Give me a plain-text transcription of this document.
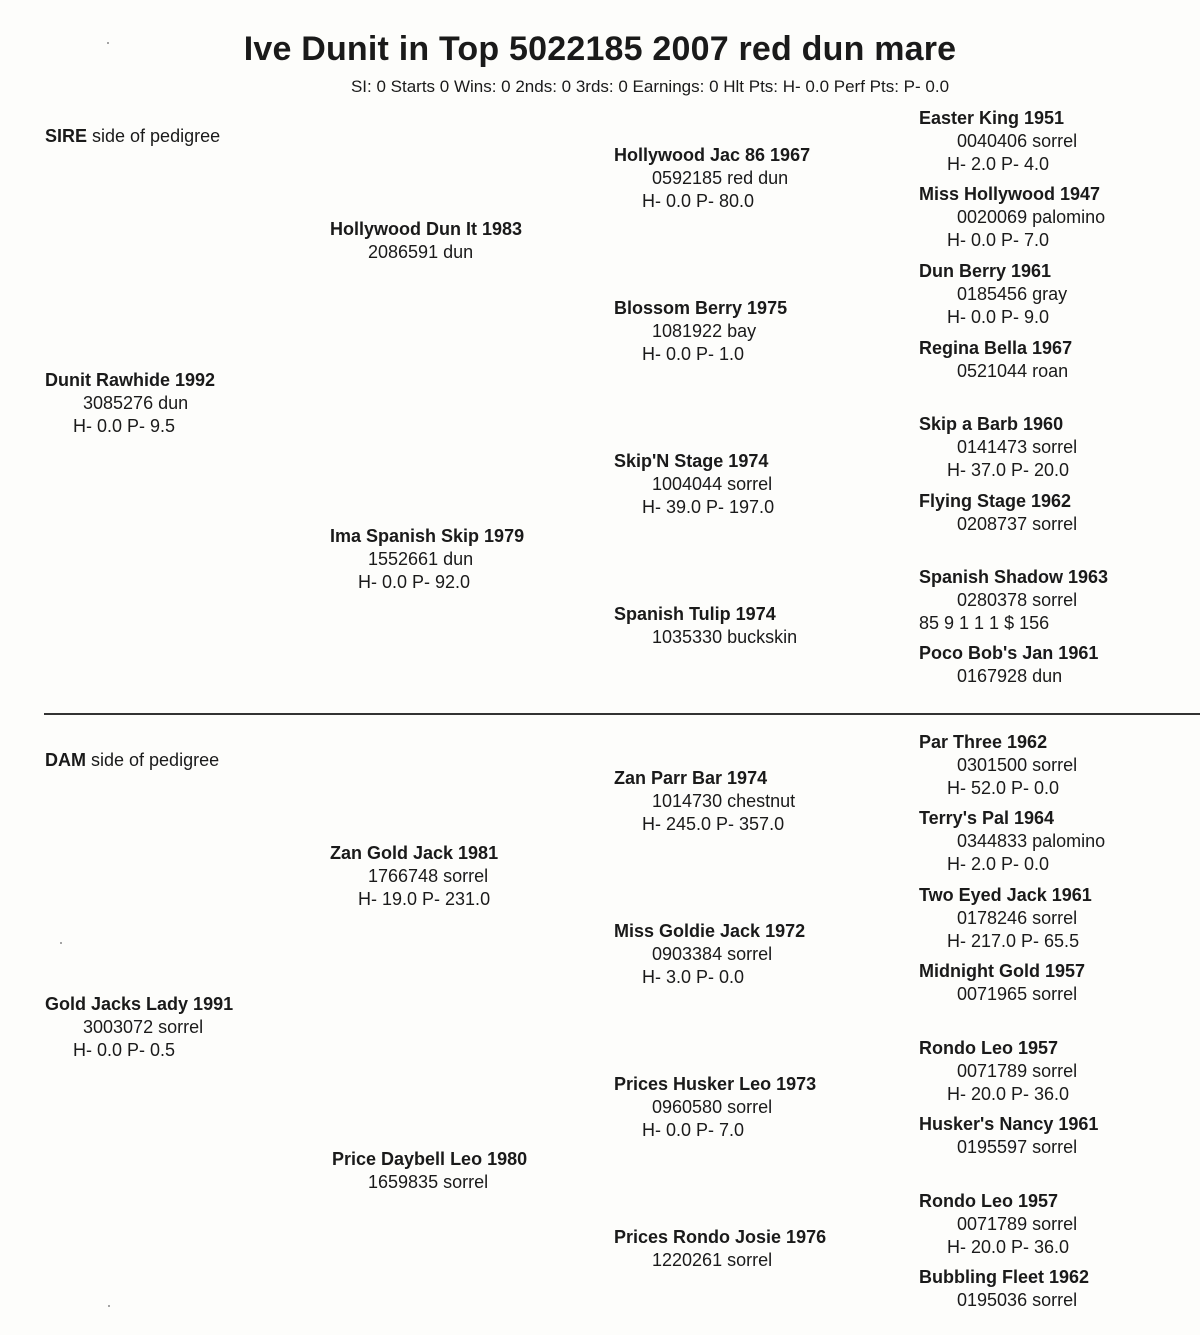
Ive Dunit in Top 5022185 2007 red dun mare
SI: 0 Starts 0 Wins: 0 2nds: 0 3rds: 0 Earnings: 0 Hlt Pts: H- 0.0 Perf Pts: P- 0.0
SIRE side of pedigree
Dunit Rawhide 1992
3085276 dun
H- 0.0 P- 9.5
Hollywood Dun It 1983
2086591 dun
Ima Spanish Skip 1979
1552661 dun
H- 0.0 P- 92.0
Hollywood Jac 86 1967
0592185 red dun
H- 0.0 P- 80.0
Blossom Berry 1975
1081922 bay
H- 0.0 P- 1.0
Skip'N Stage 1974
1004044 sorrel
H- 39.0 P- 197.0
Spanish Tulip 1974
1035330 buckskin
Easter King 1951
0040406 sorrel
H- 2.0 P- 4.0
Miss Hollywood 1947
0020069 palomino
H- 0.0 P- 7.0
Dun Berry 1961
0185456 gray
H- 0.0 P- 9.0
Regina Bella 1967
0521044 roan
Skip a Barb 1960
0141473 sorrel
H- 37.0 P- 20.0
Flying Stage 1962
0208737 sorrel
Spanish Shadow 1963
0280378 sorrel
85 9 1 1 1 $ 156
Poco Bob's Jan 1961
0167928 dun
DAM side of pedigree
Gold Jacks Lady 1991
3003072 sorrel
H- 0.0 P- 0.5
Zan Gold Jack 1981
1766748 sorrel
H- 19.0 P- 231.0
Price Daybell Leo 1980
1659835 sorrel
Zan Parr Bar 1974
1014730 chestnut
H- 245.0 P- 357.0
Miss Goldie Jack 1972
0903384 sorrel
H- 3.0 P- 0.0
Prices Husker Leo 1973
0960580 sorrel
H- 0.0 P- 7.0
Prices Rondo Josie 1976
1220261 sorrel
Par Three 1962
0301500 sorrel
H- 52.0 P- 0.0
Terry's Pal 1964
0344833 palomino
H- 2.0 P- 0.0
Two Eyed Jack 1961
0178246 sorrel
H- 217.0 P- 65.5
Midnight Gold 1957
0071965 sorrel
Rondo Leo 1957
0071789 sorrel
H- 20.0 P- 36.0
Husker's Nancy 1961
0195597 sorrel
Rondo Leo 1957
0071789 sorrel
H- 20.0 P- 36.0
Bubbling Fleet 1962
0195036 sorrel
